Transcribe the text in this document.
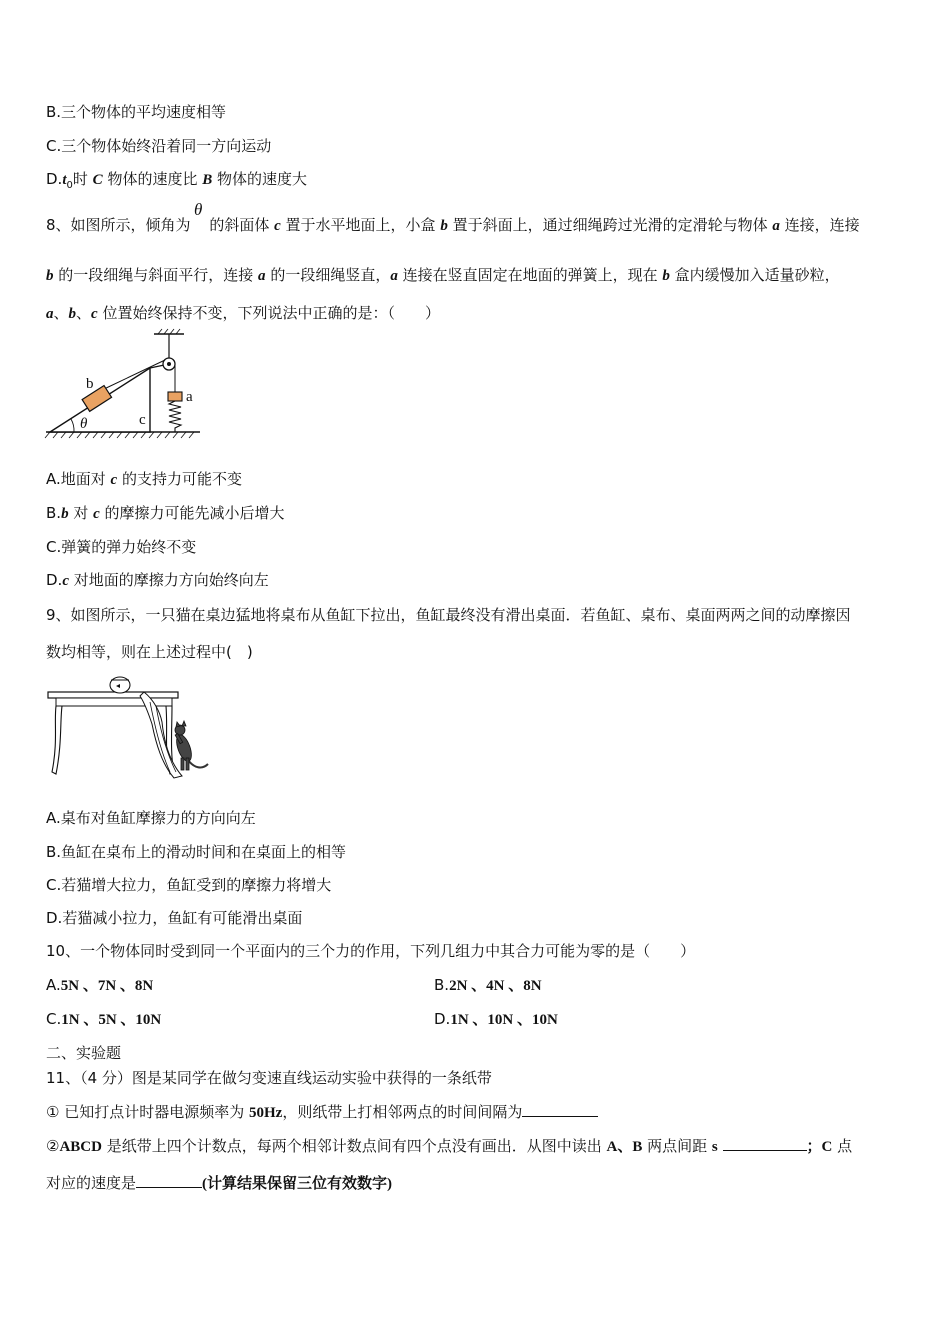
B.三个物体的平均速度相等
C.三个物体始终沿着同一方向运动
$D.t_0$时 C 物体的速度比 B 物体的速度大
θ
8、如图所示，倾角为 的斜面体 c 置于水平地面上，小盒 b 置于斜面上，通过细绳跨过光滑的定滑轮与物体 a 连接，连接
b 的一段细绳与斜面平行，连接 a 的一段细绳竖直，a 连接在竖直固定在地面的弹簧上，现在 b 盒内缓慢加入适量砂粒，
a、b、c 位置始终保持不变，下列说法中正确的是：（　　）
b
a
c
θ
A.地面对 c 的支持力可能不变
B.b 对 c 的摩擦力可能先减小后增大
C.弹簧的弹力始终不变
D.c 对地面的摩擦力方向始终向左
9、如图所示，一只猫在桌边猛地将桌布从鱼缸下拉出，鱼缸最终没有滑出桌面．若鱼缸、桌布、桌面两两之间的动摩擦因
数均相等，则在上述过程中(　)
A.桌布对鱼缸摩擦力的方向向左
B.鱼缸在桌布上的滑动时间和在桌面上的相等
C.若猫增大拉力，鱼缸受到的摩擦力将增大
D.若猫减小拉力，鱼缸有可能滑出桌面
10、一个物体同时受到同一个平面内的三个力的作用，下列几组力中其合力可能为零的是（　　）
A.5N 、7N 、8N	B.2N 、4N 、8N
C.1N 、5N 、10N	D.1N 、10N 、10N
二、实验题
11、（4 分）图是某同学在做匀变速直线运动实验中获得的一条纸带
① 已知打点计时器电源频率为 50Hz，则纸带上打相邻两点的时间间隔为
②ABCD 是纸带上四个计数点，每两个相邻计数点间有四个点没有画出．从图中读出 A、B 两点间距 s	；C 点
对应的速度是	(计算结果保留三位有效数字)
